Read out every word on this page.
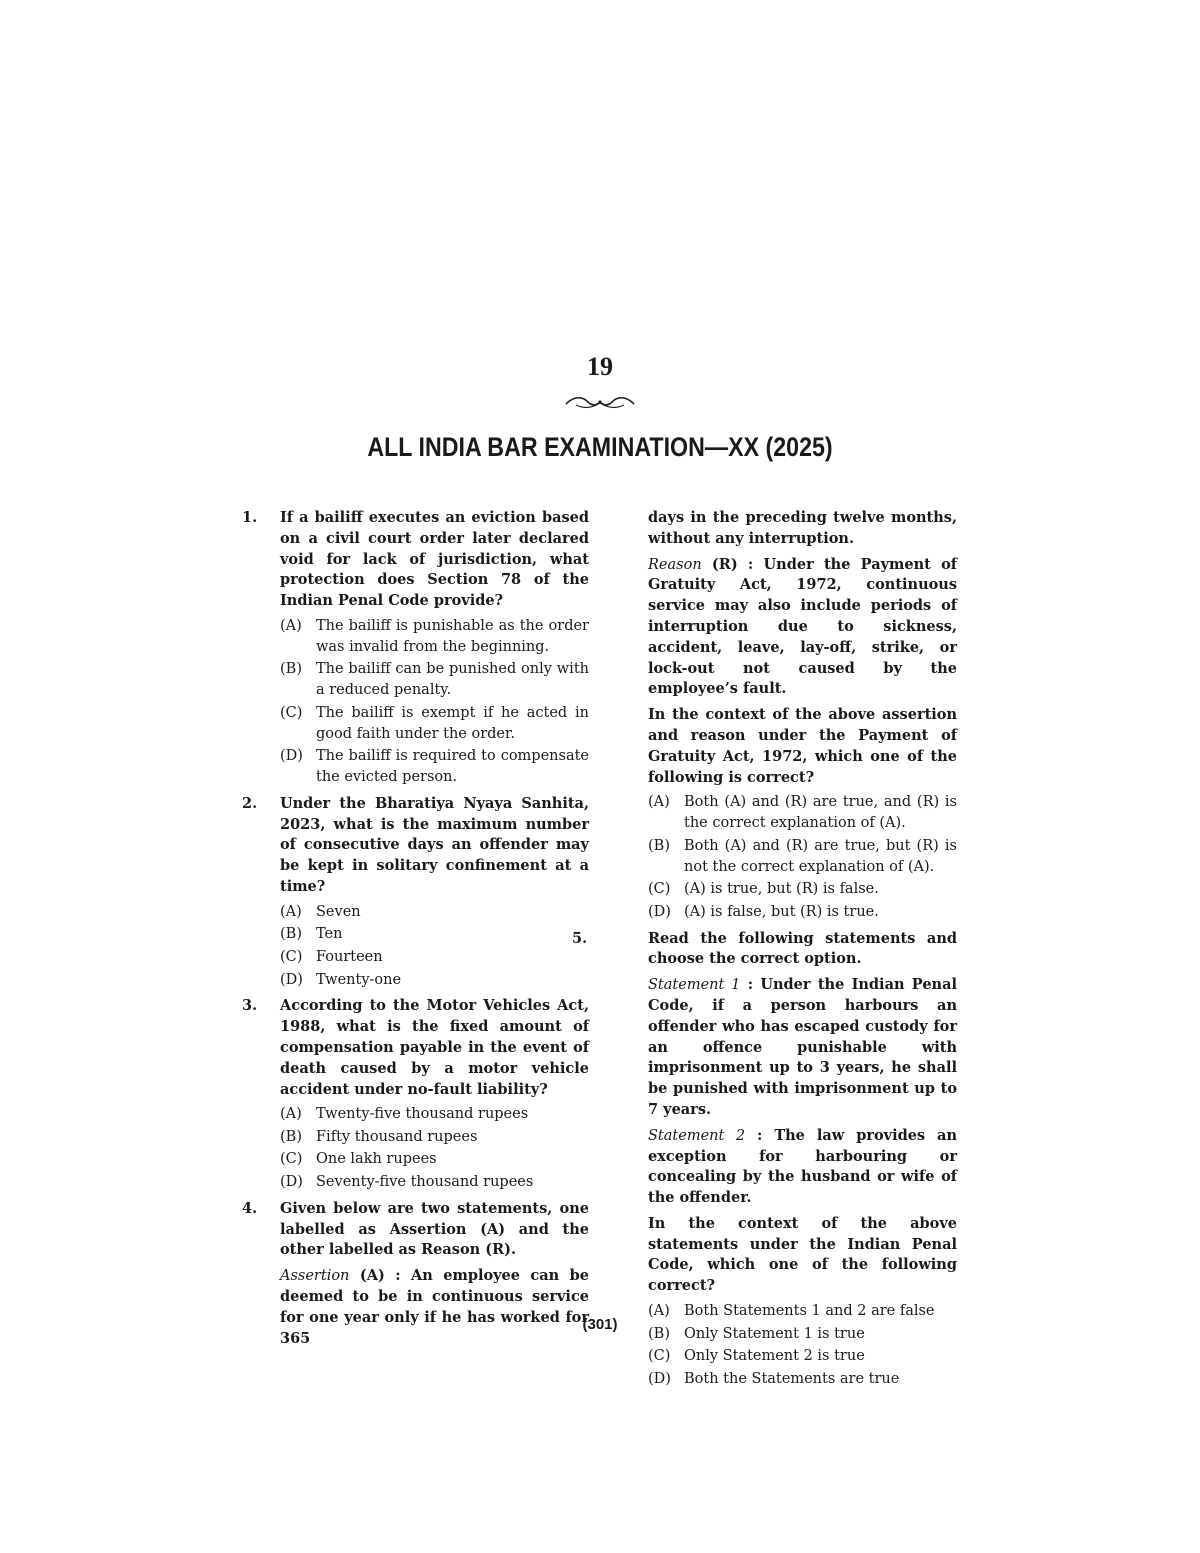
19
ALL INDIA BAR EXAMINATION—XX (2025)
1. If a bailiff executes an eviction based on a civil court order later declared void for lack of jurisdiction, what protection does Section 78 of the Indian Penal Code provide?
(A) The bailiff is punishable as the order was invalid from the beginning.
(B) The bailiff can be punished only with a reduced penalty.
(C) The bailiff is exempt if he acted in good faith under the order.
(D) The bailiff is required to compensate the evicted person.
2. Under the Bharatiya Nyaya Sanhita, 2023, what is the maximum number of consecutive days an offender may be kept in solitary confinement at a time?
(A) Seven
(B) Ten
(C) Fourteen
(D) Twenty-one
3. According to the Motor Vehicles Act, 1988, what is the fixed amount of compensation payable in the event of death caused by a motor vehicle accident under no-fault liability?
(A) Twenty-five thousand rupees
(B) Fifty thousand rupees
(C) One lakh rupees
(D) Seventy-five thousand rupees
4. Given below are two statements, one labelled as Assertion (A) and the other labelled as Reason (R).
Assertion (A) : An employee can be deemed to be in continuous service for one year only if he has worked for 365
days in the preceding twelve months, without any interruption.
Reason (R) : Under the Payment of Gratuity Act, 1972, continuous service may also include periods of interruption due to sickness, accident, leave, lay-off, strike, or lock-out not caused by the employee’s fault.
In the context of the above assertion and reason under the Payment of Gratuity Act, 1972, which one of the following is correct?
(A) Both (A) and (R) are true, and (R) is the correct explanation of (A).
(B) Both (A) and (R) are true, but (R) is not the correct explanation of (A).
(C) (A) is true, but (R) is false.
(D) (A) is false, but (R) is true.
5.	Read the following statements and choose the correct option.
Statement 1 : Under the Indian Penal Code, if a person harbours an offender who has escaped custody for an offence punishable with imprisonment up to 3 years, he shall be punished with imprisonment up to 7 years.
Statement 2 : The law provides an exception for harbouring or concealing by the husband or wife of the offender.
In the context of the above statements under the Indian Penal Code, which one of the following correct?
(A) Both Statements 1 and 2 are false
(B) Only Statement 1 is true
(C) Only Statement 2 is true
(D) Both the Statements are true
(301)
